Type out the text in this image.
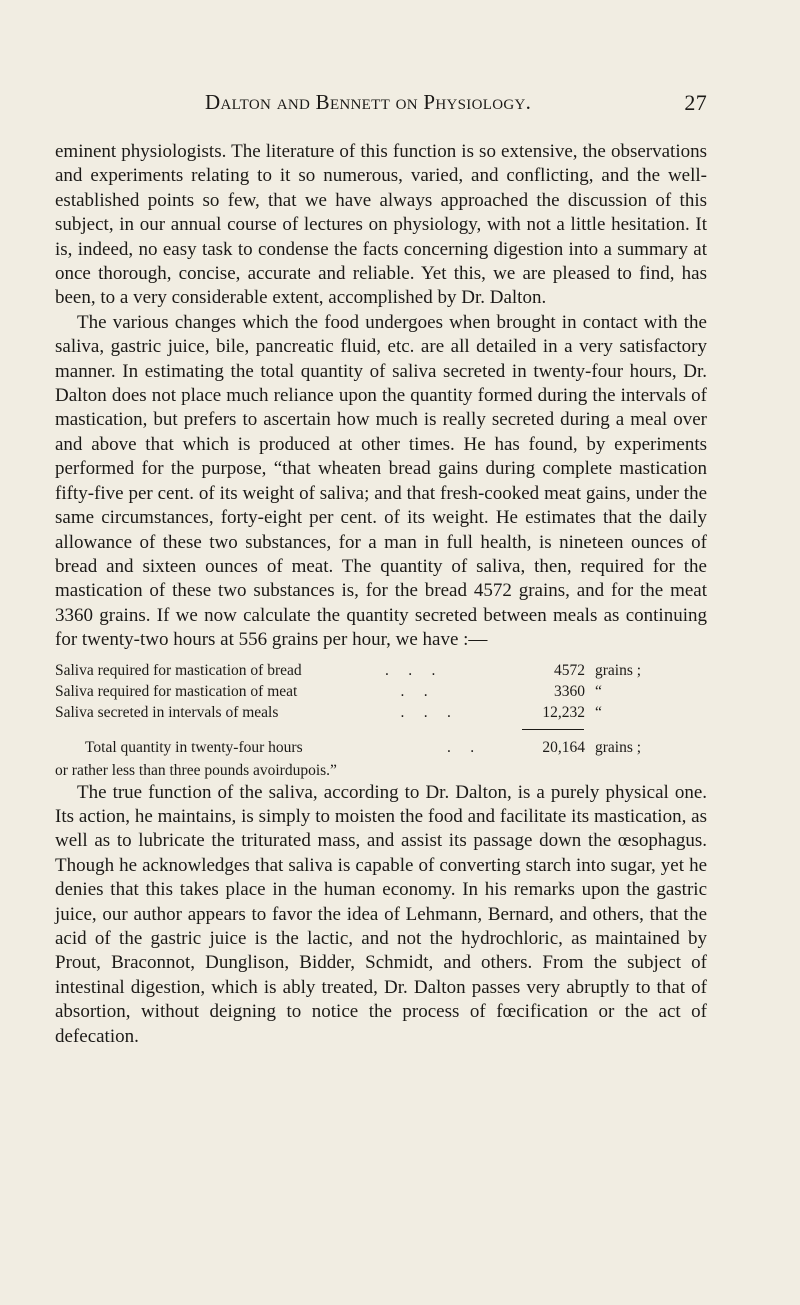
Dalton and Bennett on Physiology.	27

eminent physiologists. The literature of this function is so extensive, the observations and experiments relating to it so numerous, varied, and conflicting, and the well-established points so few, that we have always approached the discussion of this subject, in our annual course of lectures on physiology, with not a little hesitation. It is, indeed, no easy task to condense the facts concerning digestion into a summary at once thorough, concise, accurate and reliable. Yet this, we are pleased to find, has been, to a very considerable extent, accomplished by Dr. Dalton.

The various changes which the food undergoes when brought in contact with the saliva, gastric juice, bile, pancreatic fluid, etc. are all detailed in a very satisfactory manner. In estimating the total quantity of saliva secreted in twenty-four hours, Dr. Dalton does not place much reliance upon the quantity formed during the intervals of mastication, but prefers to ascertain how much is really secreted during a meal over and above that which is produced at other times. He has found, by experiments performed for the purpose, “that wheaten bread gains during complete mastication fifty-five per cent. of its weight of saliva; and that fresh-cooked meat gains, under the same circumstances, forty-eight per cent. of its weight. He estimates that the daily allowance of these two substances, for a man in full health, is nineteen ounces of bread and sixteen ounces of meat. The quantity of saliva, then, required for the mastication of these two substances is, for the bread 4572 grains, and for the meat 3360 grains. If we now calculate the quantity secreted between meals as continuing for twenty-two hours at 556 grains per hour, we have :—

Saliva required for mastication of bread	.     .     .	4572 grains ;
Saliva required for mastication of meat	.     .	3360 “
Saliva secreted in intervals of meals	.     .     .	12,232 “
Total quantity in twenty-four hours	.     .	20,164 grains ;

or rather less than three pounds avoirdupois.”

The true function of the saliva, according to Dr. Dalton, is a purely physical one. Its action, he maintains, is simply to moisten the food and facilitate its mastication, as well as to lubricate the triturated mass, and assist its passage down the œsophagus. Though he acknowledges that saliva is capable of converting starch into sugar, yet he denies that this takes place in the human economy. In his remarks upon the gastric juice, our author appears to favor the idea of Lehmann, Bernard, and others, that the acid of the gastric juice is the lactic, and not the hydrochloric, as maintained by Prout, Braconnot, Dunglison, Bidder, Schmidt, and others. From the subject of intestinal digestion, which is ably treated, Dr. Dalton passes very abruptly to that of absortion, without deigning to notice the process of fœcification or the act of defecation.
